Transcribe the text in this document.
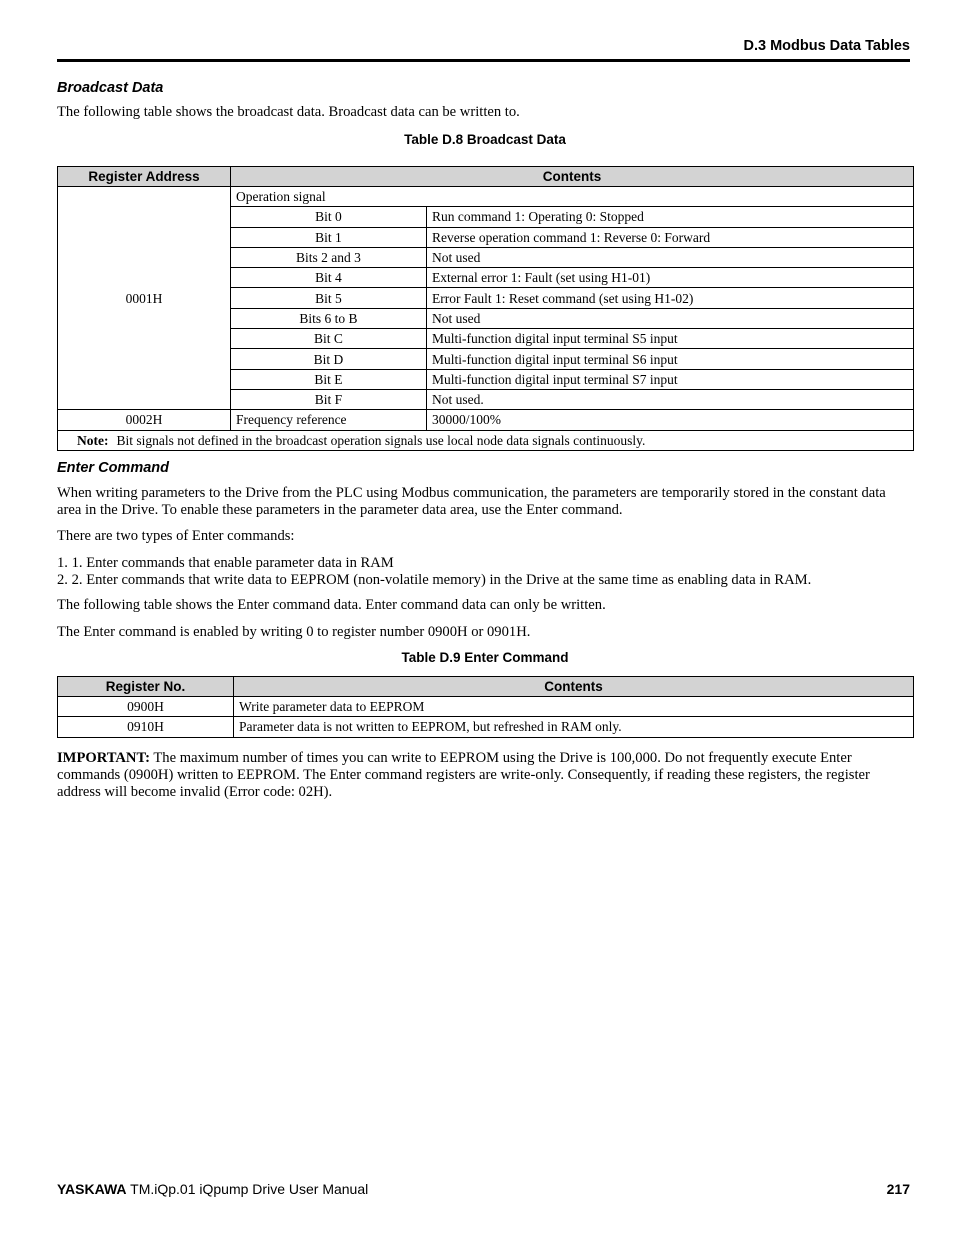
D.3 Modbus Data Tables
Broadcast Data
The following table shows the broadcast data. Broadcast data can be written to.
Table D.8 Broadcast Data
Register Address	Contents	
0001H	Operation signal	
	Bit 0	Run command 1: Operating 0: Stopped
	Bit 1	Reverse operation command 1: Reverse 0: Forward
	Bits 2 and 3	Not used
	Bit 4	External error 1: Fault (set using H1-01)
	Bit 5	Error Fault 1: Reset command (set using H1-02)
	Bits 6 to B	Not used
	Bit C	Multi-function digital input terminal S5 input
	Bit D	Multi-function digital input terminal S6 input
	Bit E	Multi-function digital input terminal S7 input
	Bit F	Not used.
0002H	Frequency reference	30000/100%
Note: Bit signals not defined in the broadcast operation signals use local node data signals continuously.		
Enter Command
When writing parameters to the Drive from the PLC using Modbus communication, the parameters are temporarily stored in the constant data area in the Drive. To enable these parameters in the parameter data area, use the Enter command.
There are two types of Enter commands:
1. 1. Enter commands that enable parameter data in RAM
2. 2. Enter commands that write data to EEPROM (non-volatile memory) in the Drive at the same time as enabling data in RAM.
The following table shows the Enter command data. Enter command data can only be written.
The Enter command is enabled by writing 0 to register number 0900H or 0901H.
Table D.9 Enter Command
Register No.	Contents
0900H	Write parameter data to EEPROM
0910H	Parameter data is not written to EEPROM, but refreshed in RAM only.
IMPORTANT: The maximum number of times you can write to EEPROM using the Drive is 100,000. Do not frequently execute Enter commands (0900H) written to EEPROM. The Enter command registers are write-only. Consequently, if reading these registers, the register address will become invalid (Error code: 02H).
YASKAWA TM.iQp.01 iQpump Drive User Manual	217
